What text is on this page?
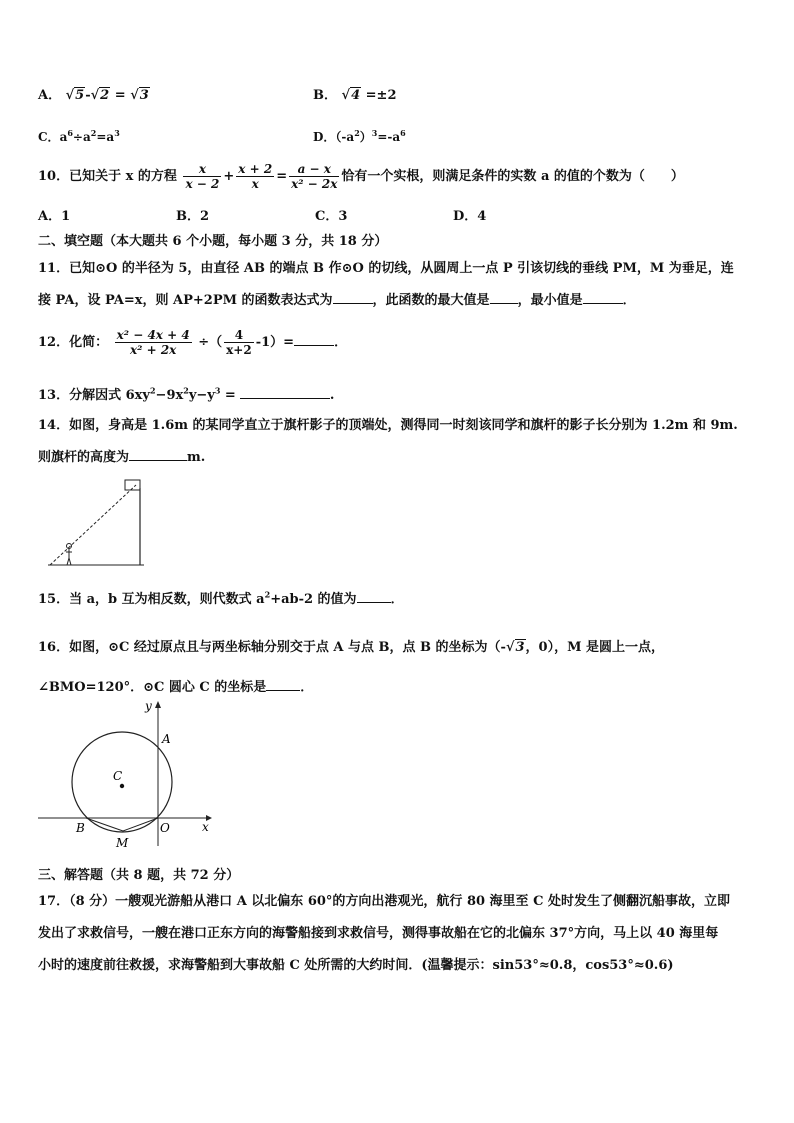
A． √5-√2 = √3	B． √4 =±2
C．$a^6\div a^2=a^3$	D．$(-a^2)^3=-a^6$
10．已知关于 x 的方程 $\frac{x}{x - 2} + \frac{x + 2}{x} = \frac{a - x}{\text{x² − 2x}}$ 恰有一个实根，则满足条件的实数 a 的值的个数为（　　）
A．1	B．2	C．3	D．4
二、填空题（本大题共 6 个小题，每小题 3 分，共 18 分）
11．已知⊙O 的半径为 5，由直径 AB 的端点 B 作⊙O 的切线，从圆周上一点 P 引该切线的垂线 PM，M 为垂足，连
接 PA，设 PA=x，则 AP+2PM 的函数表达式为	，此函数的最大值是 ，最小值是	．
12．化简： $\frac{\text{x² − 4x + 4}}{\text{x² + 2x}}$ ÷（ $\frac{4}{x+2} -1)=$	．
13．分解因式 $6xy^2-9x^2y-y^3$ =	.
14．如图，身高是 1.6m 的某同学直立于旗杆影子的顶端处，测得同一时刻该同学和旗杆的影子长分别为 1.2m 和 9m.
则旗杆的高度为	m.
15．当 a，b 互为相反数，则代数式 $a^2+ab-2$ 的值为	．
16．如图，⊙C 经过原点且与两坐标轴分别交于点 A 与点 B，点 B 的坐标为（-√3，0），M 是圆上一点，
∠BMO=120°．⊙C 圆心 C 的坐标是	．
y
x
A
B
C
O
M
三、解答题（共 8 题，共 72 分）
17．（8 分）一艘观光游船从港口 A 以北偏东 60°的方向出港观光，航行 80 海里至 C 处时发生了侧翻沉船事故，立即
发出了求救信号，一艘在港口正东方向的海警船接到求救信号，测得事故船在它的北偏东 37°方向，马上以 40 海里每
小时的速度前往救援，求海警船到大事故船 C 处所需的大约时间．(温馨提示：sin53°≈0.8，cos53°≈0.6)
